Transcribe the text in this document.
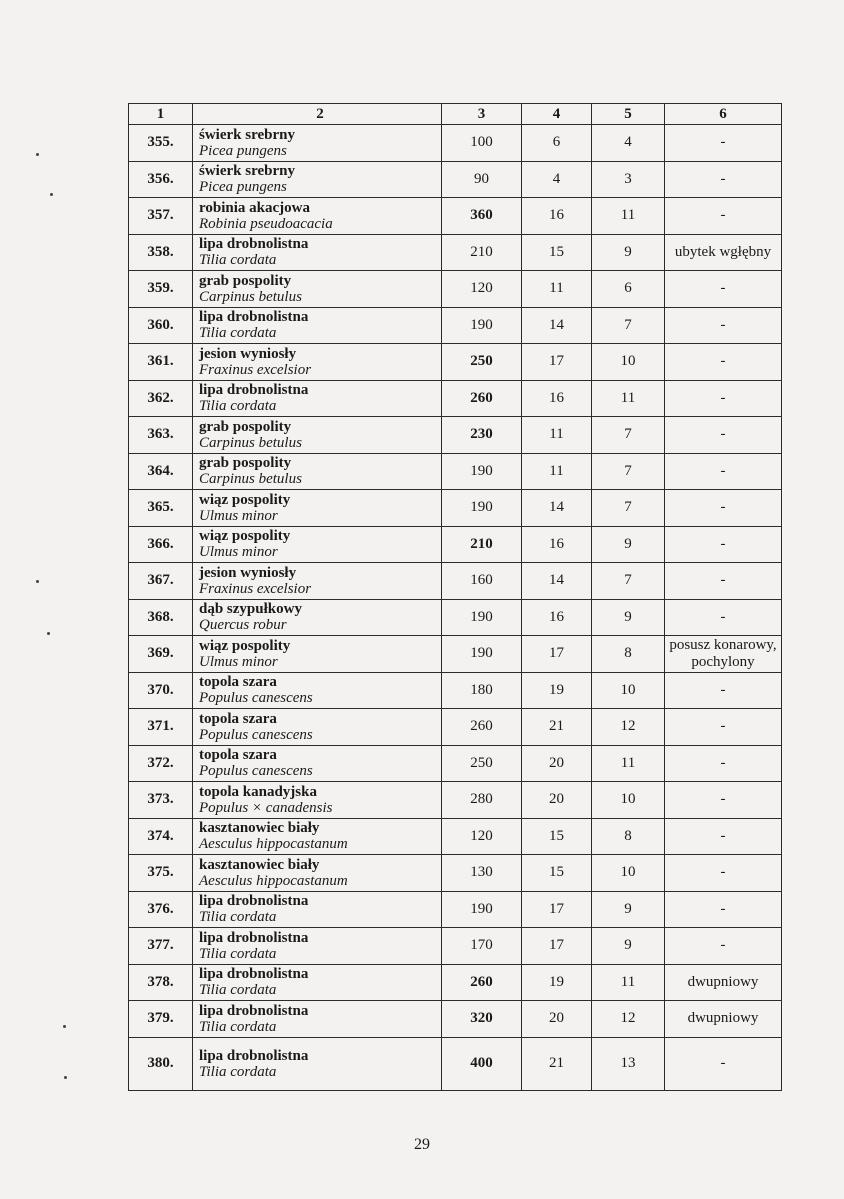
1	2	3	4	5	6
355.	świerk srebrny
Picea pungens	100	6	4	-
356.	świerk srebrny
Picea pungens	90	4	3	-
357.	robinia akacjowa
Robinia pseudoacacia	360	16	11	-
358.	lipa drobnolistna
Tilia cordata	210	15	9	ubytek wgłębny
359.	grab pospolity
Carpinus betulus	120	11	6	-
360.	lipa drobnolistna
Tilia cordata	190	14	7	-
361.	jesion wyniosły
Fraxinus excelsior	250	17	10	-
362.	lipa drobnolistna
Tilia cordata	260	16	11	-
363.	grab pospolity
Carpinus betulus	230	11	7	-
364.	grab pospolity
Carpinus betulus	190	11	7	-
365.	wiąz pospolity
Ulmus minor	190	14	7	-
366.	wiąz pospolity
Ulmus minor	210	16	9	-
367.	jesion wyniosły
Fraxinus excelsior	160	14	7	-
368.	dąb szypułkowy
Quercus robur	190	16	9	-
369.	wiąz pospolity
Ulmus minor	190	17	8	posusz konarowy, pochylony
370.	topola szara
Populus canescens	180	19	10	-
371.	topola szara
Populus canescens	260	21	12	-
372.	topola szara
Populus canescens	250	20	11	-
373.	topola kanadyjska
Populus × canadensis	280	20	10	-
374.	kasztanowiec biały
Aesculus hippocastanum	120	15	8	-
375.	kasztanowiec biały
Aesculus hippocastanum	130	15	10	-
376.	lipa drobnolistna
Tilia cordata	190	17	9	-
377.	lipa drobnolistna
Tilia cordata	170	17	9	-
378.	lipa drobnolistna
Tilia cordata	260	19	11	dwupniowy
379.	lipa drobnolistna
Tilia cordata	320	20	12	dwupniowy
380.	lipa drobnolistna
Tilia cordata	400	21	13	-
29
